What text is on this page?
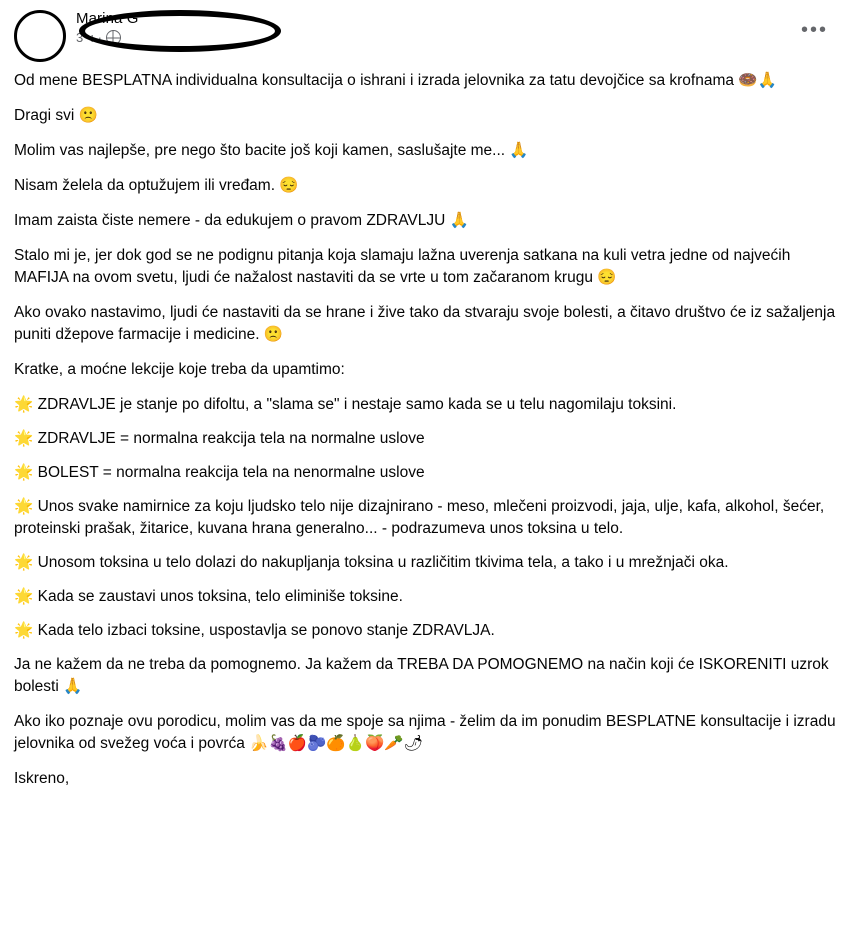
Marina G
3 ч ·	•••

Od mene BESPLATNA individualna konsultacija o ishrani i izrada jelovnika za tatu devojčice sa krofnama 🍩🙏

Dragi svi 🙁

Molim vas najlepše, pre nego što bacite još koji kamen, saslušajte me... 🙏

Nisam želela da optužujem ili vređam. 😔

Imam zaista čiste nemere - da edukujem o pravom ZDRAVLJU 🙏

Stalo mi je, jer dok god se ne podignu pitanja koja slamaju lažna uverenja satkana na kuli vetra jedne od najvećih MAFIJA na ovom svetu, ljudi će nažalost nastaviti da se vrte u tom začaranom krugu 😔

Ako ovako nastavimo, ljudi će nastaviti da se hrane i žive tako da stvaraju svoje bolesti, a čitavo društvo će iz sažaljenja puniti džepove farmacije i medicine. 🙁

Kratke, a moćne lekcije koje treba da upamtimo:

🌟 ZDRAVLJE je stanje po difoltu, a "slama se" i nestaje samo kada se u telu nagomilaju toksini.

🌟 ZDRAVLJE = normalna reakcija tela na normalne uslove

🌟 BOLEST = normalna reakcija tela na nenormalne uslove

🌟 Unos svake namirnice za koju ljudsko telo nije dizajnirano - meso, mlečeni proizvodi, jaja, ulje, kafa, alkohol, šećer, proteinski prašak, žitarice, kuvana hrana generalno... - podrazumeva unos toksina u telo.

🌟 Unosom toksina u telo dolazi do nakupljanja toksina u različitim tkivima tela, a tako i u mrežnjači oka.

🌟 Kada se zaustavi unos toksina, telo eliminiše toksine.

🌟 Kada telo izbaci toksine, uspostavlja se ponovo stanje ZDRAVLJA.

Ja ne kažem da ne treba da pomognemo. Ja kažem da TREBA DA POMOGNEMO na način koji će ISKORENITI uzrok bolesti 🙏

Ako iko poznaje ovu porodicu, molim vas da me spoje sa njima - želim da im ponudim BESPLATNE konsultacije i izradu jelovnika od svežeg voća i povrća 🍌🍇🍎🫐🍊🍐🍑🥕🌶

Iskreno,
